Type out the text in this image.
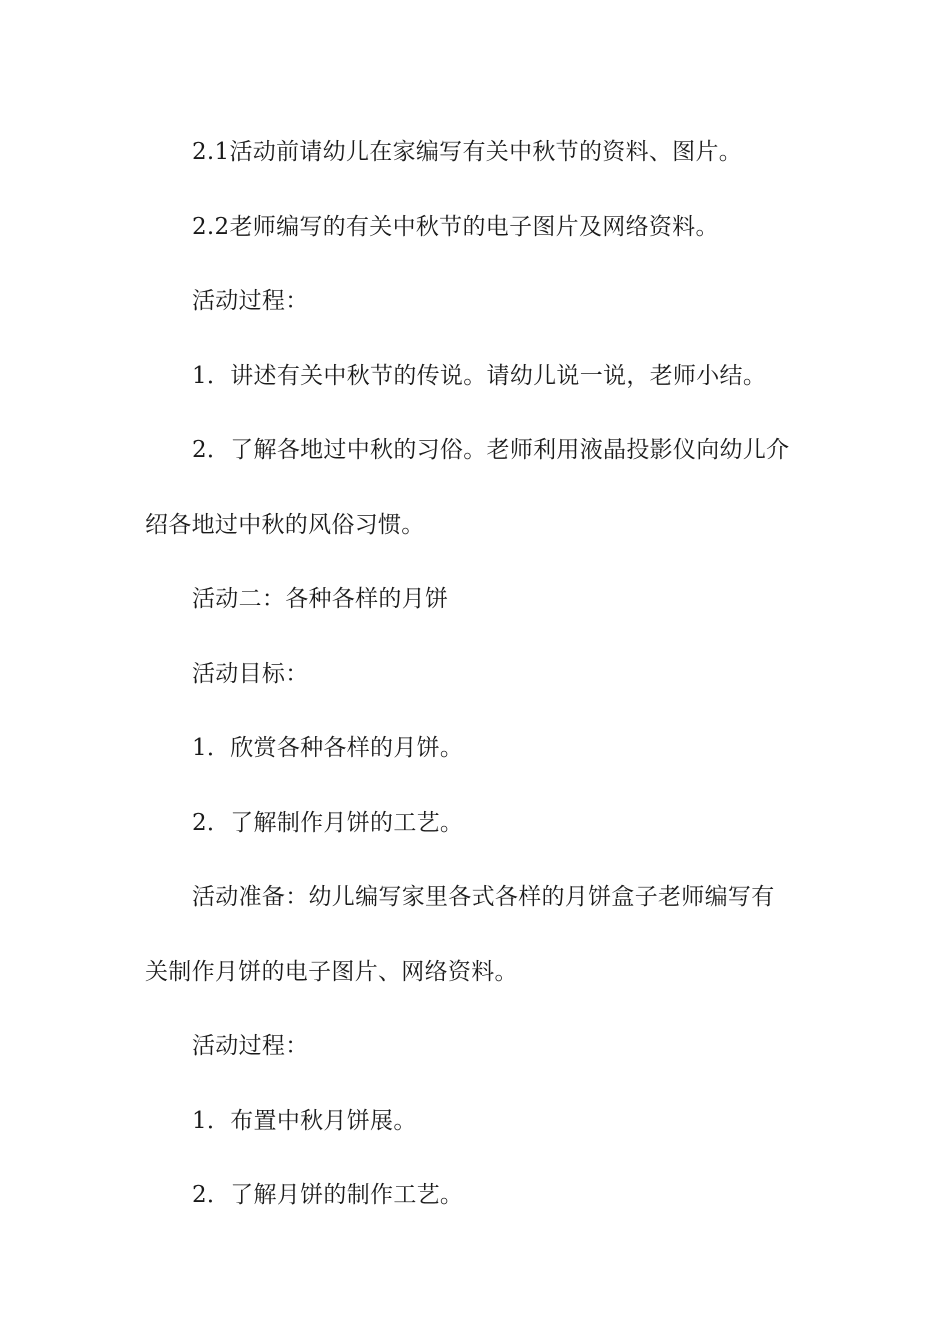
2.1活动前请幼儿在家编写有关中秋节的资料、图片。
2.2老师编写的有关中秋节的电子图片及网络资料。
活动过程：
1．讲述有关中秋节的传说。请幼儿说一说，老师小结。
2．了解各地过中秋的习俗。老师利用液晶投影仪向幼儿介
绍各地过中秋的风俗习惯。
活动二：各种各样的月饼
活动目标：
1．欣赏各种各样的月饼。
2．了解制作月饼的工艺。
活动准备：幼儿编写家里各式各样的月饼盒子老师编写有
关制作月饼的电子图片、网络资料。
活动过程：
1．布置中秋月饼展。
2．了解月饼的制作工艺。
